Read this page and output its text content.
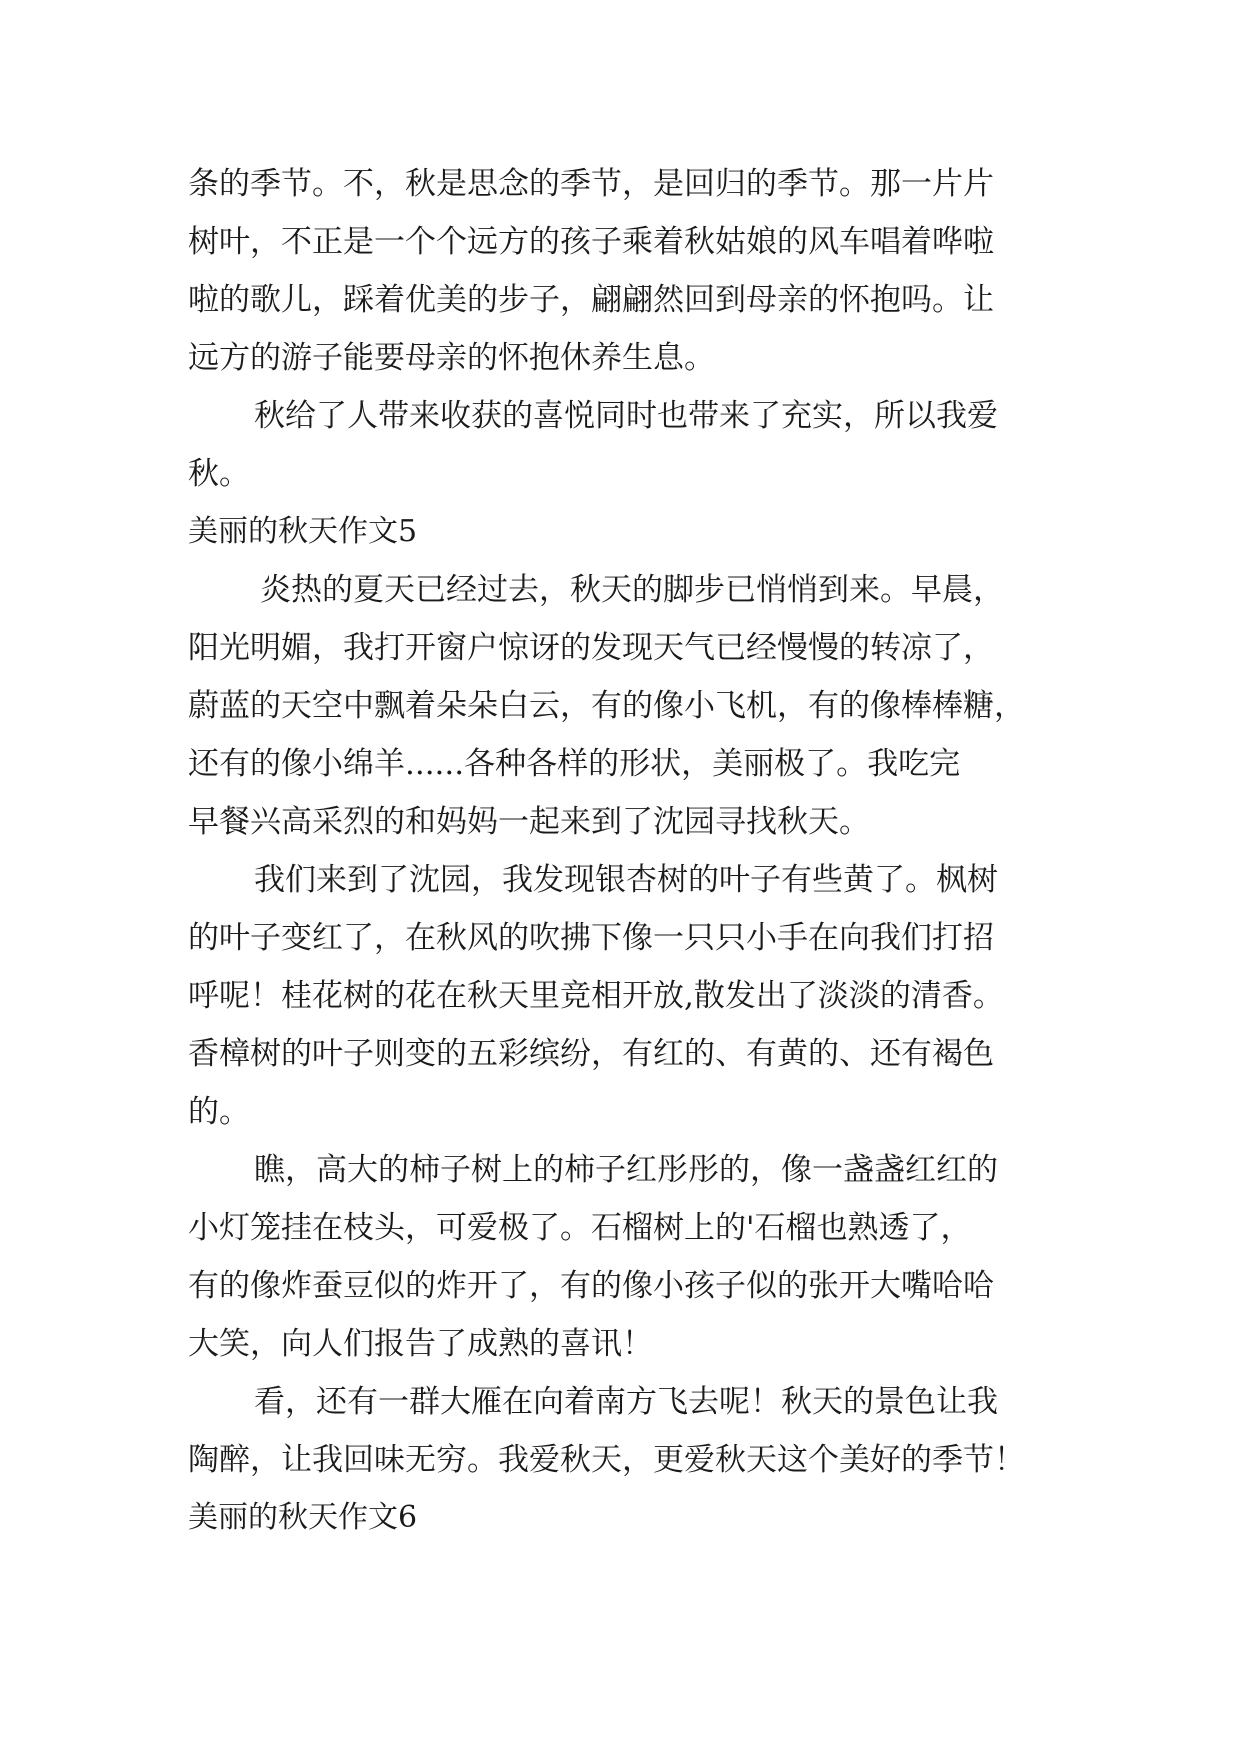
条的季节。不，秋是思念的季节，是回归的季节。那一片片
树叶，不正是一个个远方的孩子乘着秋姑娘的风车唱着哗啦
啦的歌儿，踩着优美的步子，翩翩然回到母亲的怀抱吗。让
远方的游子能要母亲的怀抱休养生息。
秋给了人带来收获的喜悦同时也带来了充实，所以我爱
秋。
美丽的秋天作文5
炎热的夏天已经过去，秋天的脚步已悄悄到来。早晨，
阳光明媚，我打开窗户惊讶的发现天气已经慢慢的转凉了，
蔚蓝的天空中飘着朵朵白云，有的像小飞机，有的像棒棒糖，
还有的像小绵羊......各种各样的形状，美丽极了。我吃完
早餐兴高采烈的和妈妈一起来到了沈园寻找秋天。
我们来到了沈园，我发现银杏树的叶子有些黄了。枫树
的叶子变红了，在秋风的吹拂下像一只只小手在向我们打招
呼呢！桂花树的花在秋天里竞相开放,散发出了淡淡的清香。
香樟树的叶子则变的五彩缤纷，有红的、有黄的、还有褐色
的。
瞧，高大的柿子树上的柿子红彤彤的，像一盏盏红红的
小灯笼挂在枝头，可爱极了。石榴树上的'石榴也熟透了，
有的像炸蚕豆似的炸开了，有的像小孩子似的张开大嘴哈哈
大笑，向人们报告了成熟的喜讯！
看，还有一群大雁在向着南方飞去呢！秋天的景色让我
陶醉，让我回味无穷。我爱秋天，更爱秋天这个美好的季节！
美丽的秋天作文6
